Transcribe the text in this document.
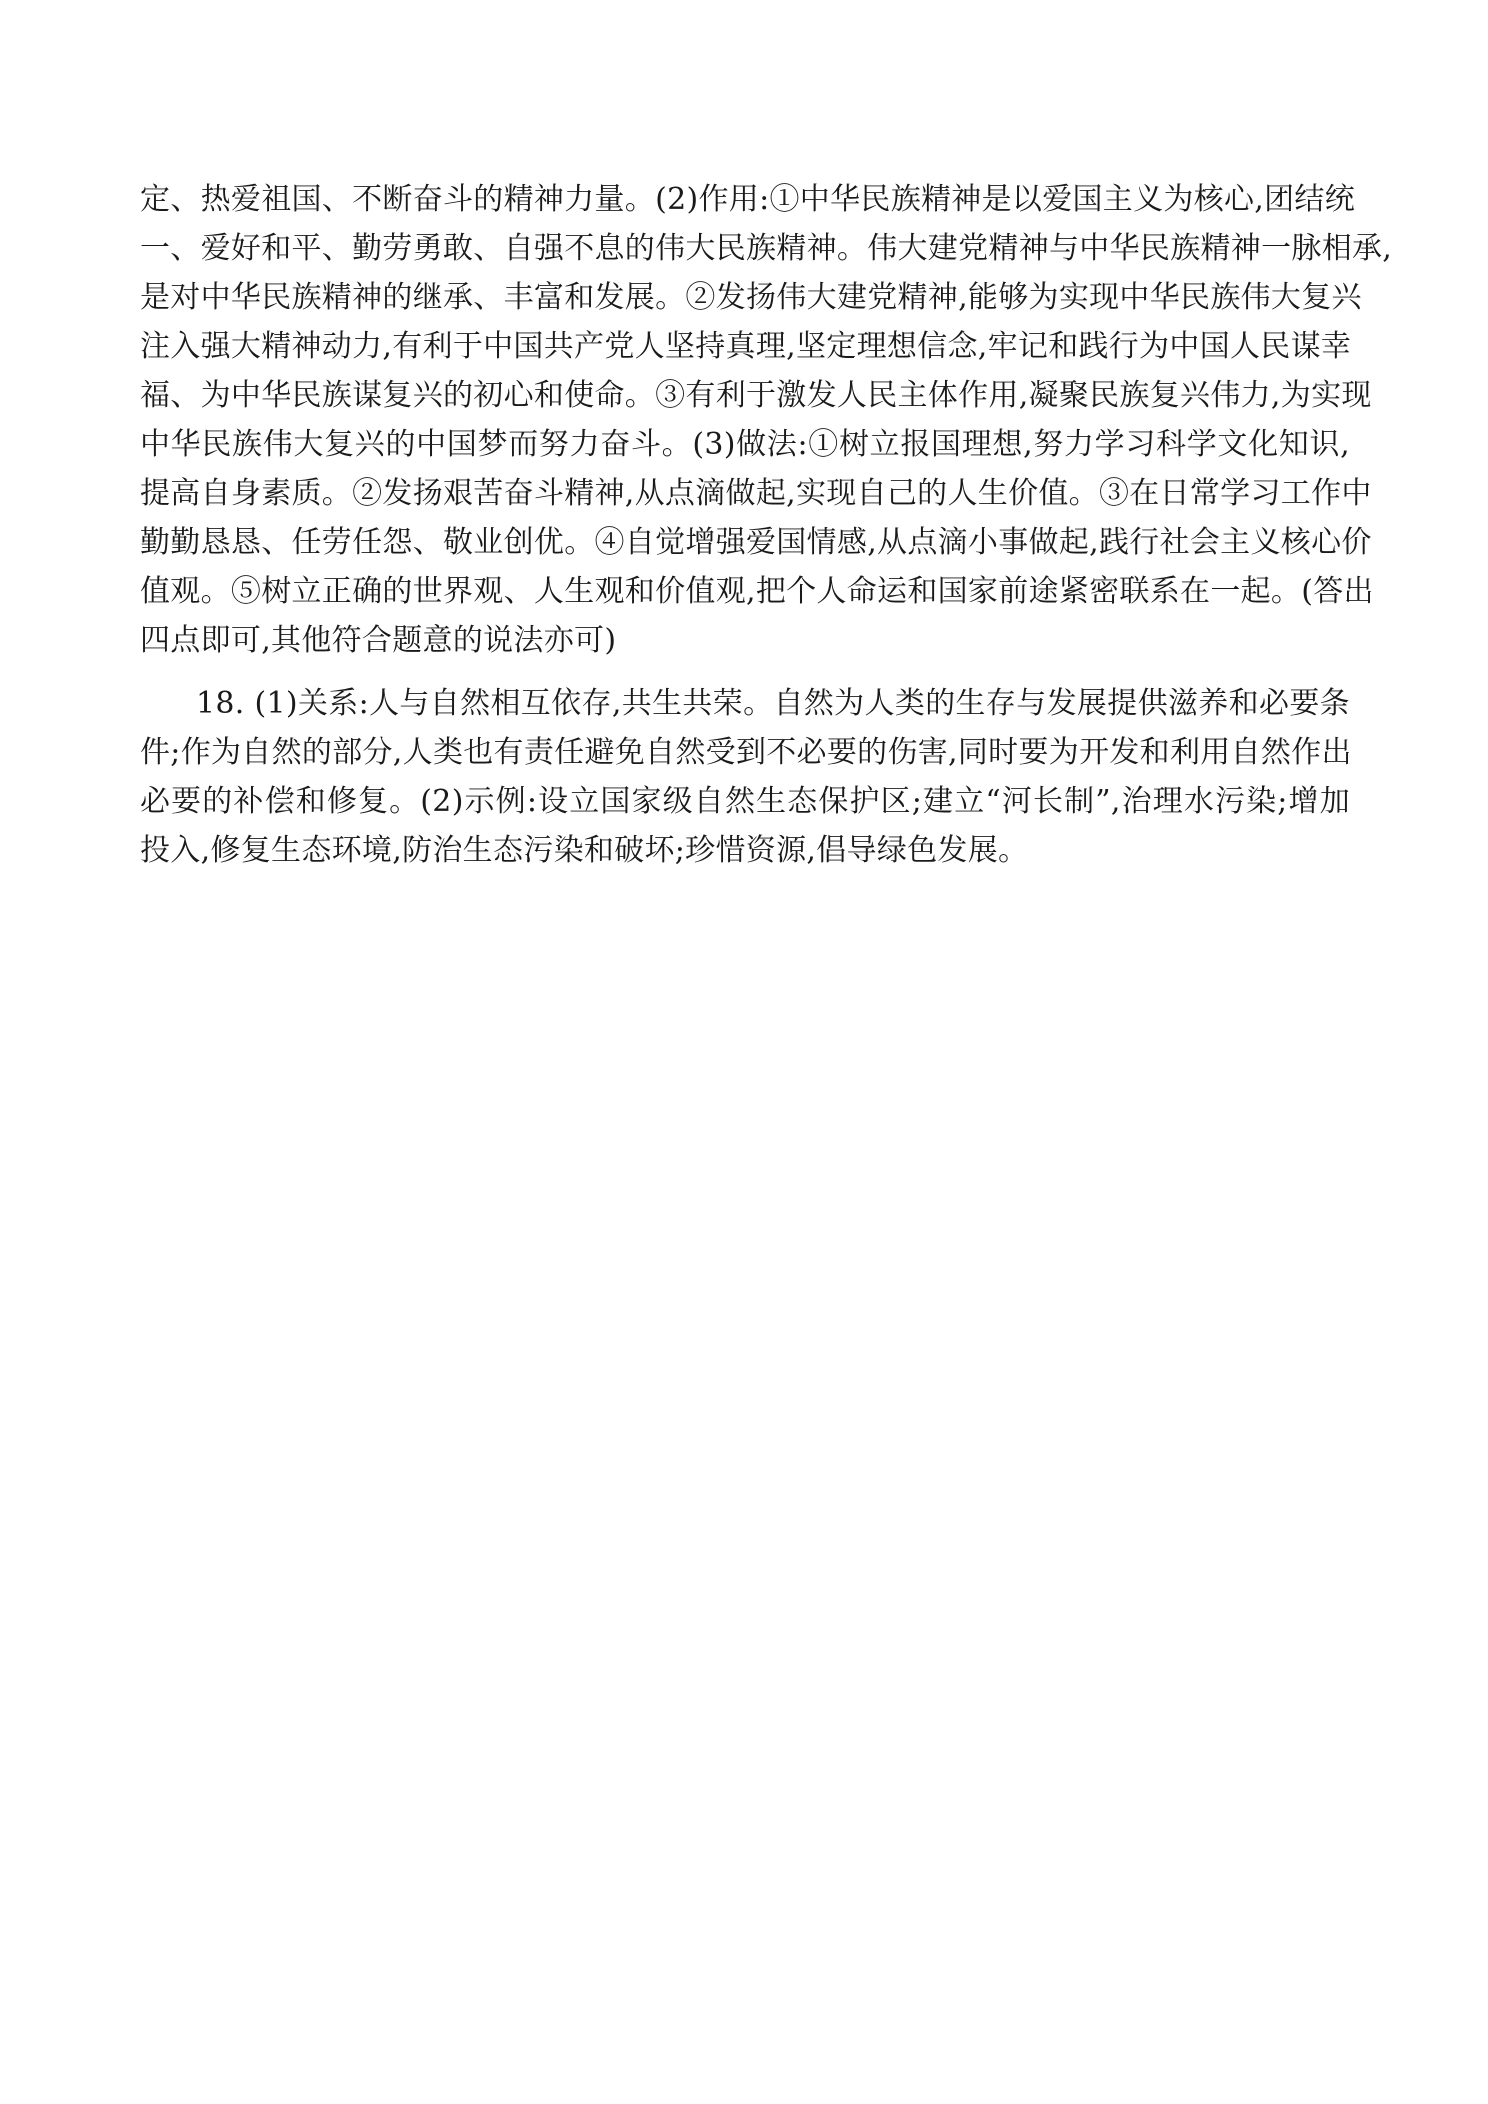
定、热爱祖国、不断奋斗的精神力量。(2)作用:①中华民族精神是以爱国主义为核心,团结统
一、爱好和平、勤劳勇敢、自强不息的伟大民族精神。伟大建党精神与中华民族精神一脉相承,
是对中华民族精神的继承、丰富和发展。②发扬伟大建党精神,能够为实现中华民族伟大复兴
注入强大精神动力,有利于中国共产党人坚持真理,坚定理想信念,牢记和践行为中国人民谋幸
福、为中华民族谋复兴的初心和使命。③有利于激发人民主体作用,凝聚民族复兴伟力,为实现
中华民族伟大复兴的中国梦而努力奋斗。(3)做法:①树立报国理想,努力学习科学文化知识,
提高自身素质。②发扬艰苦奋斗精神,从点滴做起,实现自己的人生价值。③在日常学习工作中
勤勤恳恳、任劳任怨、敬业创优。④自觉增强爱国情感,从点滴小事做起,践行社会主义核心价
值观。⑤树立正确的世界观、人生观和价值观,把个人命运和国家前途紧密联系在一起。(答出
四点即可,其他符合题意的说法亦可)
18. (1)关系:人与自然相互依存,共生共荣。自然为人类的生存与发展提供滋养和必要条
件;作为自然的部分,人类也有责任避免自然受到不必要的伤害,同时要为开发和利用自然作出
必要的补偿和修复。(2)示例:设立国家级自然生态保护区;建立“河长制”,治理水污染;增加
投入,修复生态环境,防治生态污染和破坏;珍惜资源,倡导绿色发展。
